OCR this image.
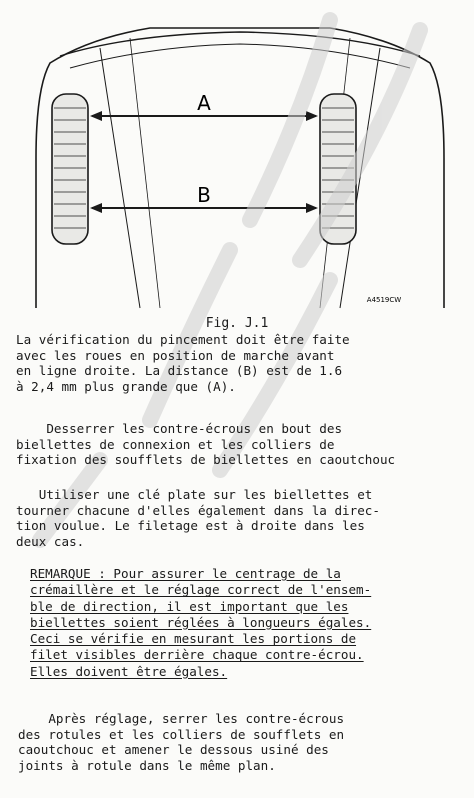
A
B
A4519CW
Fig. J.1
La vérification du pincement doit être faite
avec les roues en position de marche avant
en ligne droite. La distance (B) est de 1.6
à 2,4 mm plus grande que (A).
Desserrer les contre-écrous en bout des
biellettes de connexion et les colliers de
fixation des soufflets de biellettes en caoutchouc
Utiliser une clé plate sur les biellettes et
tourner chacune d'elles également dans la direc-
tion voulue. Le filetage est à droite dans les
deux cas.
REMARQUE : Pour assurer le centrage de la
crémaillère et le réglage correct de l'ensem-
ble de direction, il est important que les
biellettes soient réglées à longueurs égales.
Ceci se vérifie en mesurant les portions de
filet visibles derrière chaque contre-écrou.
Elles doivent être égales.
Après réglage, serrer les contre-écrous
des rotules et les colliers de soufflets en
caoutchouc et amener le dessous usiné des
joints à rotule dans le même plan.
